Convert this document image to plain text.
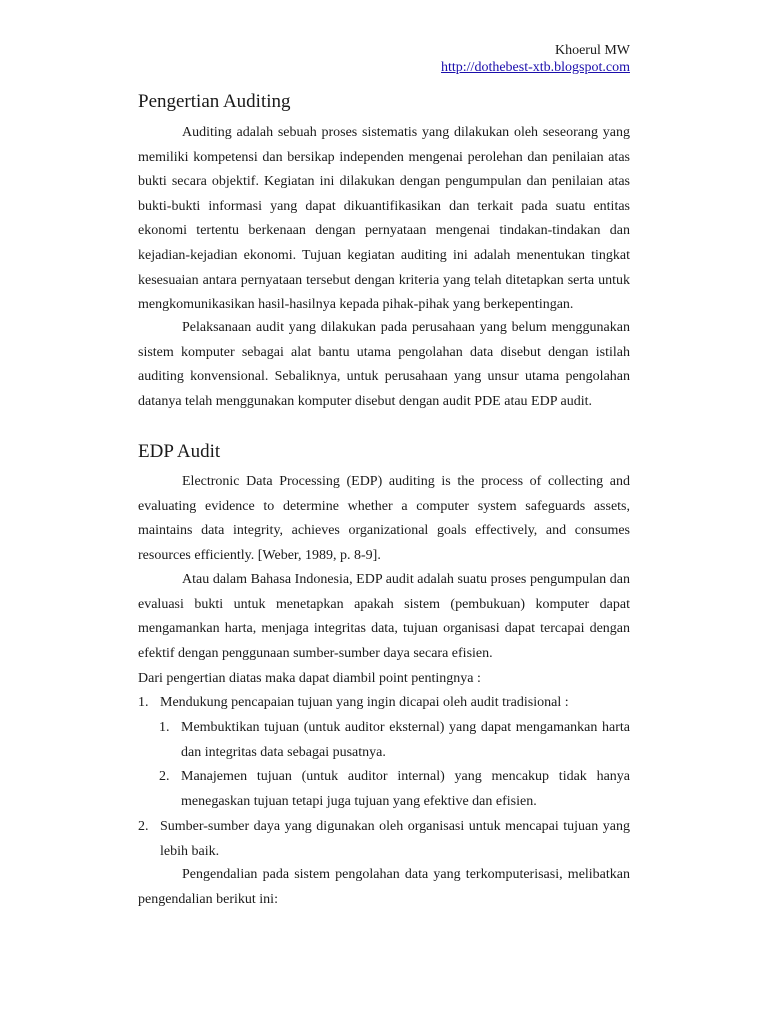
Khoerul MW
http://dothebest-xtb.blogspot.com
Pengertian Auditing

Auditing adalah sebuah proses sistematis yang dilakukan oleh seseorang yang memiliki kompetensi dan bersikap independen mengenai perolehan dan penilaian atas bukti secara objektif. Kegiatan ini dilakukan dengan pengumpulan dan penilaian atas bukti-bukti informasi yang dapat dikuantifikasikan dan terkait pada suatu entitas ekonomi tertentu berkenaan dengan pernyataan mengenai tindakan-tindakan dan kejadian-kejadian ekonomi. Tujuan kegiatan auditing ini adalah menentukan tingkat kesesuaian antara pernyataan tersebut dengan kriteria yang telah ditetapkan serta untuk mengkomunikasikan hasil-hasilnya kepada pihak-pihak yang berkepentingan.

Pelaksanaan audit yang dilakukan pada perusahaan yang belum menggunakan sistem komputer sebagai alat bantu utama pengolahan data disebut dengan istilah auditing konvensional. Sebaliknya, untuk perusahaan yang unsur utama pengolahan datanya telah menggunakan komputer disebut dengan audit PDE atau EDP audit.

EDP Audit

Electronic Data Processing (EDP) auditing is the process of collecting and evaluating evidence to determine whether a computer system safeguards assets, maintains data integrity, achieves organizational goals effectively, and consumes resources efficiently. [Weber, 1989, p. 8-9].

Atau dalam Bahasa Indonesia, EDP audit adalah suatu proses pengumpulan dan evaluasi bukti untuk menetapkan apakah sistem (pembukuan) komputer dapat mengamankan harta, menjaga integritas data, tujuan organisasi dapat tercapai dengan efektif dengan penggunaan sumber-sumber daya secara efisien.

Dari pengertian diatas maka dapat diambil point pentingnya :

1. Mendukung pencapaian tujuan yang ingin dicapai oleh audit tradisional :
1. Membuktikan tujuan (untuk auditor eksternal) yang dapat mengamankan harta dan integritas data sebagai pusatnya.
2. Manajemen tujuan (untuk auditor internal) yang mencakup tidak hanya menegaskan tujuan tetapi juga tujuan yang efektive dan efisien.
2. Sumber-sumber daya yang digunakan oleh organisasi untuk mencapai tujuan yang lebih baik.

Pengendalian pada sistem pengolahan data yang terkomputerisasi, melibatkan pengendalian berikut ini:
